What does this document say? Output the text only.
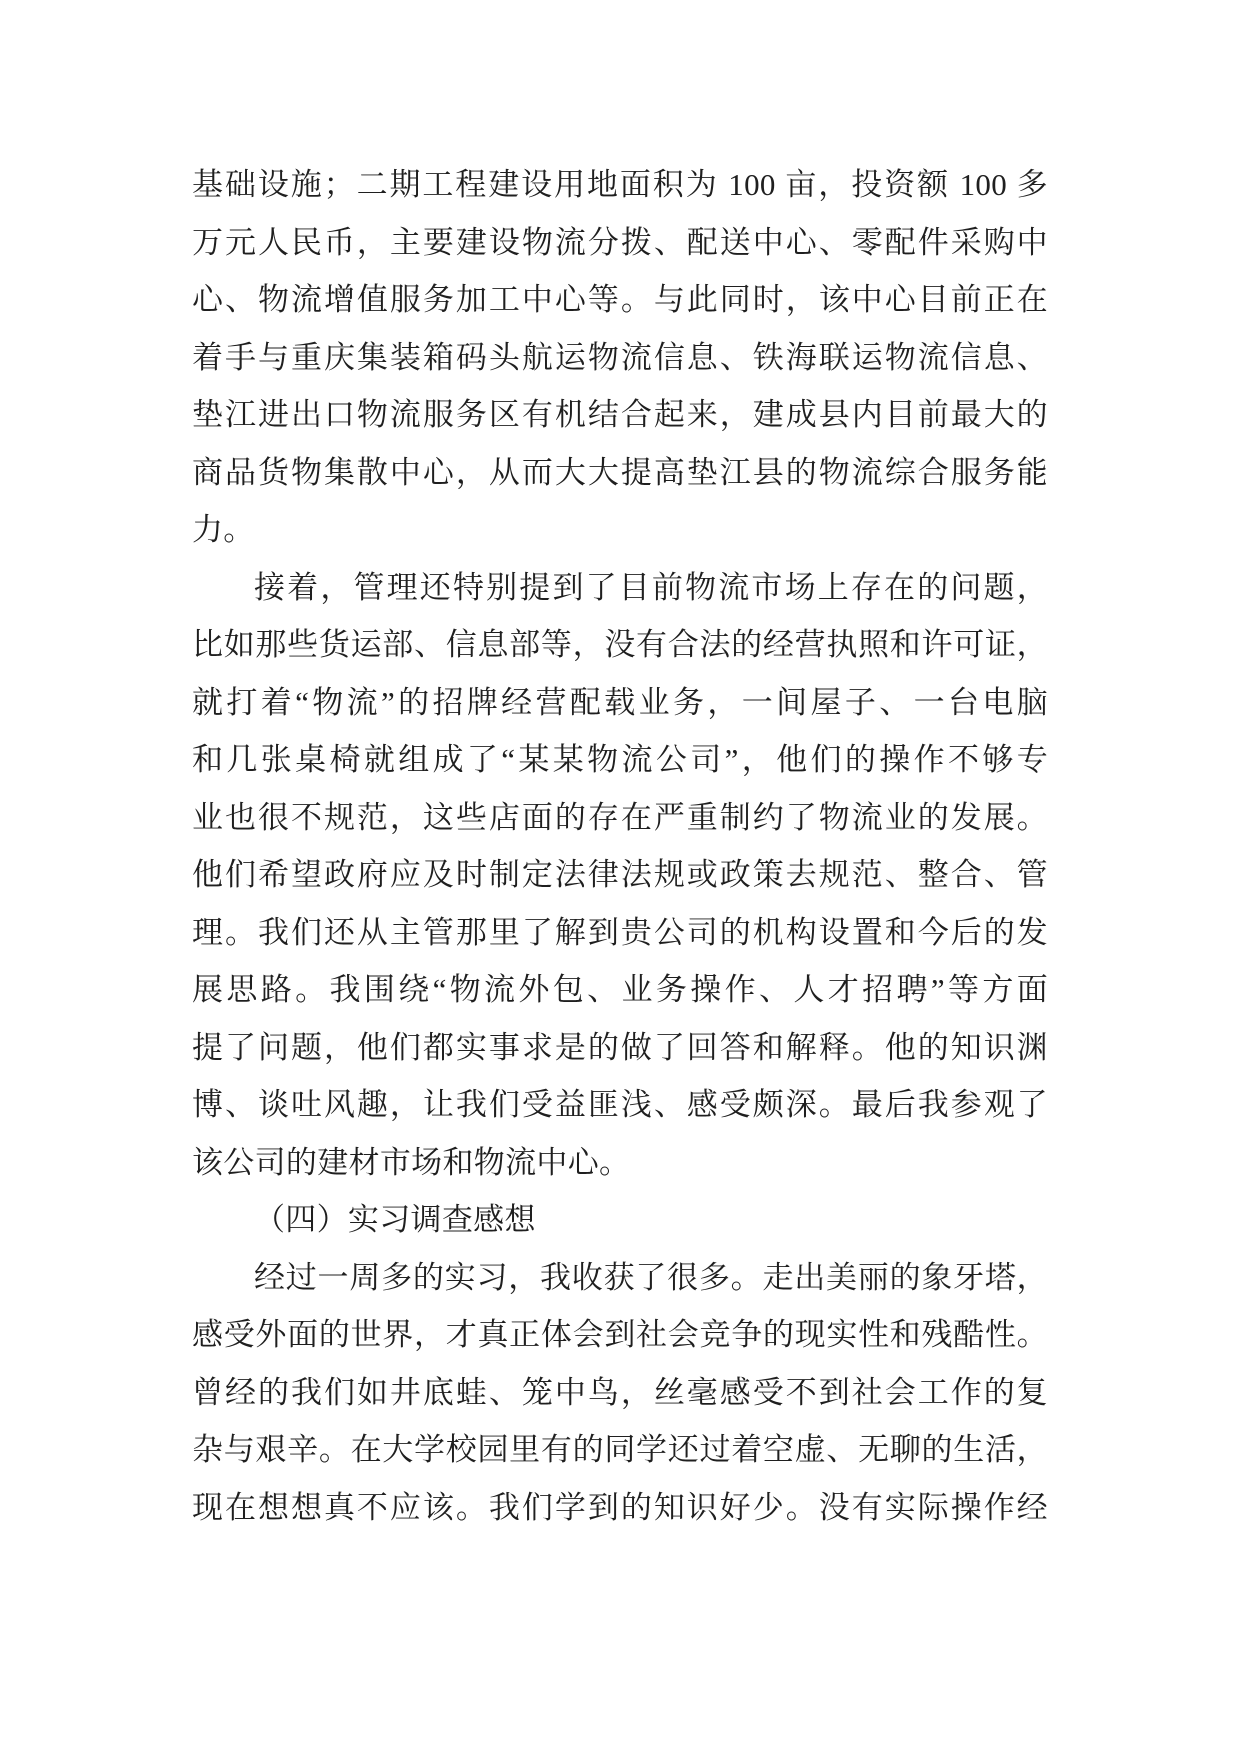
基础设施；二期工程建设用地面积为 100 亩，投资额 100 多
万元人民币，主要建设物流分拨、配送中心、零配件采购中
心、物流增值服务加工中心等。与此同时，该中心目前正在
着手与重庆集装箱码头航运物流信息、铁海联运物流信息、
垫江进出口物流服务区有机结合起来，建成县内目前最大的
商品货物集散中心，从而大大提高垫江县的物流综合服务能
力。
接着，管理还特别提到了目前物流市场上存在的问题，
比如那些货运部、信息部等，没有合法的经营执照和许可证，
就打着“物流”的招牌经营配载业务，一间屋子、一台电脑
和几张桌椅就组成了“某某物流公司”，他们的操作不够专
业也很不规范，这些店面的存在严重制约了物流业的发展。
他们希望政府应及时制定法律法规或政策去规范、整合、管
理。我们还从主管那里了解到贵公司的机构设置和今后的发
展思路。我围绕“物流外包、业务操作、人才招聘”等方面
提了问题，他们都实事求是的做了回答和解释。他的知识渊
博、谈吐风趣，让我们受益匪浅、感受颇深。最后我参观了
该公司的建材市场和物流中心。
（四）实习调查感想
经过一周多的实习，我收获了很多。走出美丽的象牙塔，
感受外面的世界，才真正体会到社会竞争的现实性和残酷性。
曾经的我们如井底蛙、笼中鸟，丝毫感受不到社会工作的复
杂与艰辛。在大学校园里有的同学还过着空虚、无聊的生活，
现在想想真不应该。我们学到的知识好少。没有实际操作经
